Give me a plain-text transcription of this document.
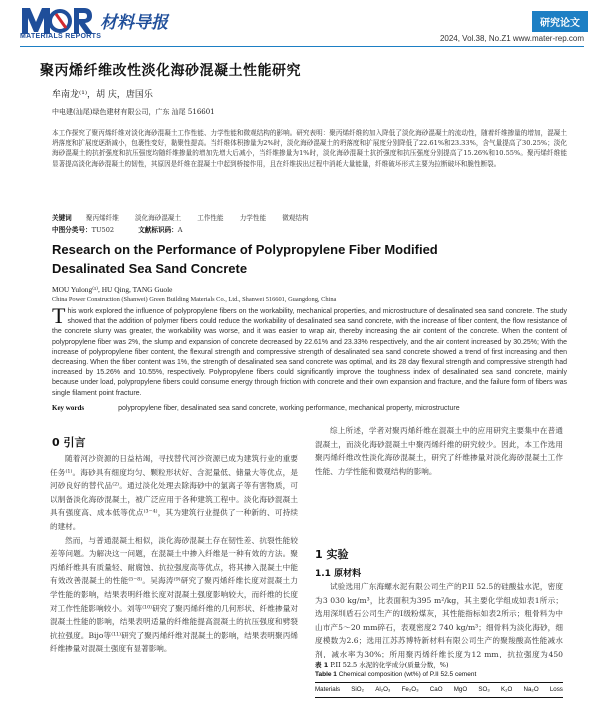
材料导报
MATERIALS REPORTS
研究论文
2024, Vol.38, No.Z1 www.mater-rep.com
聚丙烯纤维改性淡化海砂混凝土性能研究
牟南龙⁽¹⁾，胡 庆，唐国乐
中电建(汕尾)绿色建材有限公司，广东 汕尾 516601
本工作探究了聚丙烯纤维对淡化海砂混凝土工作性能、力学性能和微观结构的影响。研究表明：聚丙烯纤维的加入降低了淡化海砂混凝土的流动性，随着纤维掺量的增加，混凝土坍落度和扩展度逐渐减小，包裹性变好，黏聚性提高。当纤维体积掺量为2%时，淡化海砂混凝土的坍落度和扩展度分别降低了22.61%和23.33%，含气量提高了30.25%；淡化海砂混凝土的抗折强度和抗压强度均随纤维掺量的增加先增大后减小，当纤维掺量为1%时，淡化海砂混凝土抗折强度和抗压强度分别提高了15.26%和10.55%。聚丙烯纤维能显著提高淡化海砂混凝土的韧性，其原因是纤维在混凝土中起到桥接作用，且在纤维拔出过程中消耗大量能量，纤维破坏形式主要为拉断破坏和脆性断裂。
关键词 聚丙烯纤维 淡化海砂混凝土 工作性能 力学性能 微观结构
中图分类号：TU502	文献标识码：A
Research on the Performance of Polypropylene Fiber Modified
Desalinated Sea Sand Concrete
MOU Yulong⁽¹⁾, HU Qing, TANG Guole
China Power Construction (Shanwei) Green Building Materials Co., Ltd., Shanwei 516601, Guangdong, China
This work explored the influence of polypropylene fibers on the workability, mechanical properties, and microstructure of desalinated sea sand concrete. The study showed that the addition of polymer fibers could reduce the workability of desalinated sea sand concrete, with the increase of fiber content, the flow resistance of the concrete slurry was greater, the workability was worse, and it was easier to wrap air, thereby increasing the air content of the concrete. When the content of polypropylene fiber was 2%, the slump and expansion of concrete decreased by 22.61% and 23.33% respectively, and the air content increased by 30.25%; With the increase of polypropylene fiber content, the flexural strength and compressive strength of desalinated sea sand concrete showed a trend of first increasing and then decreasing. When the fiber content was 1%, the strength of desalinated sea sand concrete was optimal, and its 28 day flexural strength and compressive strength had increased by 15.26% and 10.55%, respectively. Polypropylene fibers could significantly improve the toughness index of desalinated sea sand concrete, mainly because under load, polypropylene fibers could consume energy through friction with concrete and their own expansion and fracture, and the failure form of fibers was single filament point fracture.
Key words	polypropylene fiber, desalinated sea sand concrete, working performance, mechanical property, microstructure
0 引言

随着河沙资源的日益枯竭，寻找替代河沙资源已成为建筑行业的重要任务⁽¹⁾。海砂具有细度均匀、颗粒形状好、含泥量低、储量大等优点，是河砂良好的替代品⁽²⁾。通过淡化处理去除海砂中的氯离子等有害物质，可以制备淡化海砂混凝土，被广泛应用于各种建筑工程中。淡化海砂混凝土具有强度高、成本低等优点⁽³⁻⁴⁾，其为建筑行业提供了一种新的、可持续的建材。

然而，与普通混凝土相似，淡化海砂混凝土存在韧性差、抗裂性能较差等问题。为解决这一问题，在混凝土中掺入纤维是一种有效的方法。聚丙烯纤维具有质量轻、耐腐蚀、抗拉强度高等优点，将其掺入混凝土中能有效改善混凝土的性能⁽⁵⁻⁸⁾。吴海涛⁽⁹⁾研究了聚丙烯纤维长度对混凝土力学性能的影响，结果表明纤维长度对混凝土强度影响较大，而纤维的长度对工作性能影响较小。刘等⁽¹⁰⁾研究了聚丙烯纤维的几何形状、纤维掺量对混凝土性能的影响，结果表明适量的纤维能提高混凝土的抗压强度和劈裂抗拉强度。Bijo等⁽¹¹⁾研究了聚丙烯纤维对混凝土的影响，结果表明聚丙烯纤维掺量对混凝土强度有显著影响。

综上所述，学者对聚丙烯纤维在混凝土中的应用研究主要集中在普通混凝土，而淡化海砂混凝土中聚丙烯纤维的研究较少。因此，本工作选用聚丙烯纤维改性淡化海砂混凝土，研究了纤维掺量对淡化海砂混凝土工作性能、力学性能和微观结构的影响。

1 实验
1.1 原材料

试验选用广东海螺水泥有限公司生产的P.II 52.5的硅酸盐水泥，密度为3 030 kg/m³，比表面积为395 m²/kg，其主要化学组成如表1所示；选用深圳盾石公司生产的Ⅰ级粉煤灰，其性能指标如表2所示；粗骨料为中山市产5～20 mm碎石，表观密度2 740 kg/m³；细骨料为淡化海砂，细度模数为2.6；选用江苏苏博特新材料有限公司生产的聚羧酸高性能减水剂，减水率为30%；所用聚丙烯纤维长度为12 mm，抗拉强度为450

表 1 P.II 52.5 水泥的化学成分(质量分数，%)
Table 1 Chemical composition (wt%) of P.II 52.5 cement
Materials SiO₂ Al₂O₃ Fe₂O₃ CaO MgO SO₃ K₂O Na₂O Loss
